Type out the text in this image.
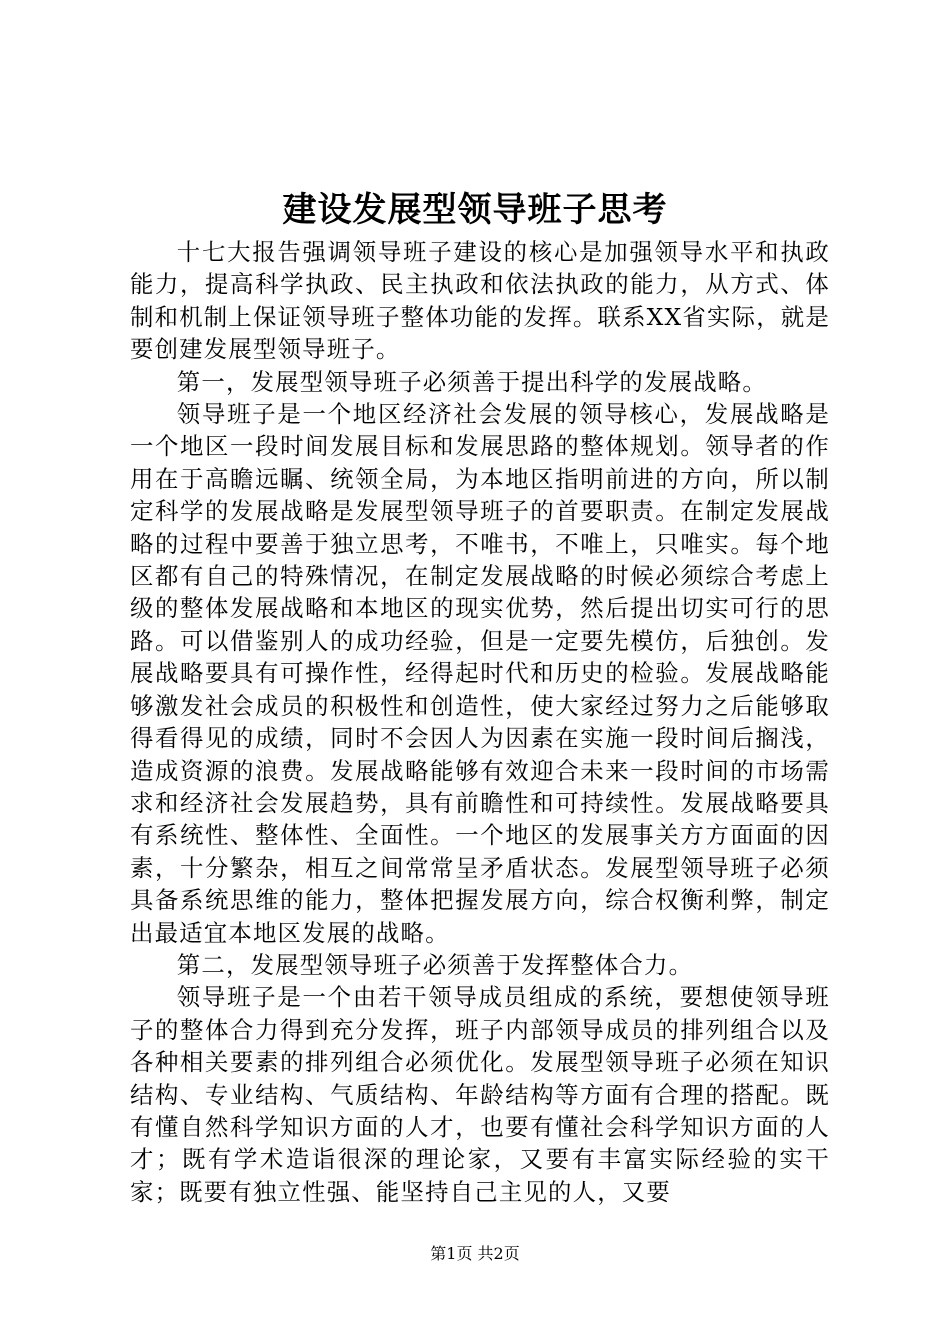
建设发展型领导班子思考

十七大报告强调领导班子建设的核心是加强领导水平和执政能力，提高科学执政、民主执政和依法执政的能力，从方式、体制和机制上保证领导班子整体功能的发挥。联系XX省实际，就是要创建发展型领导班子。

第一，发展型领导班子必须善于提出科学的发展战略。

领导班子是一个地区经济社会发展的领导核心，发展战略是一个地区一段时间发展目标和发展思路的整体规划。领导者的作用在于高瞻远瞩、统领全局，为本地区指明前进的方向，所以制定科学的发展战略是发展型领导班子的首要职责。在制定发展战略的过程中要善于独立思考，不唯书，不唯上，只唯实。每个地区都有自己的特殊情况，在制定发展战略的时候必须综合考虑上级的整体发展战略和本地区的现实优势，然后提出切实可行的思路。可以借鉴别人的成功经验，但是一定要先模仿，后独创。发展战略要具有可操作性，经得起时代和历史的检验。发展战略能够激发社会成员的积极性和创造性，使大家经过努力之后能够取得看得见的成绩，同时不会因人为因素在实施一段时间后搁浅，造成资源的浪费。发展战略能够有效迎合未来一段时间的市场需求和经济社会发展趋势，具有前瞻性和可持续性。发展战略要具有系统性、整体性、全面性。一个地区的发展事关方方面面的因素，十分繁杂，相互之间常常呈矛盾状态。发展型领导班子必须具备系统思维的能力，整体把握发展方向，综合权衡利弊，制定出最适宜本地区发展的战略。

第二，发展型领导班子必须善于发挥整体合力。

领导班子是一个由若干领导成员组成的系统，要想使领导班子的整体合力得到充分发挥，班子内部领导成员的排列组合以及各种相关要素的排列组合必须优化。发展型领导班子必须在知识结构、专业结构、气质结构、年龄结构等方面有合理的搭配。既有懂自然科学知识方面的人才，也要有懂社会科学知识方面的人才；既有学术造诣很深的理论家，又要有丰富实际经验的实干家；既要有独立性强、能坚持自己主见的人，又要

第1页 共2页
